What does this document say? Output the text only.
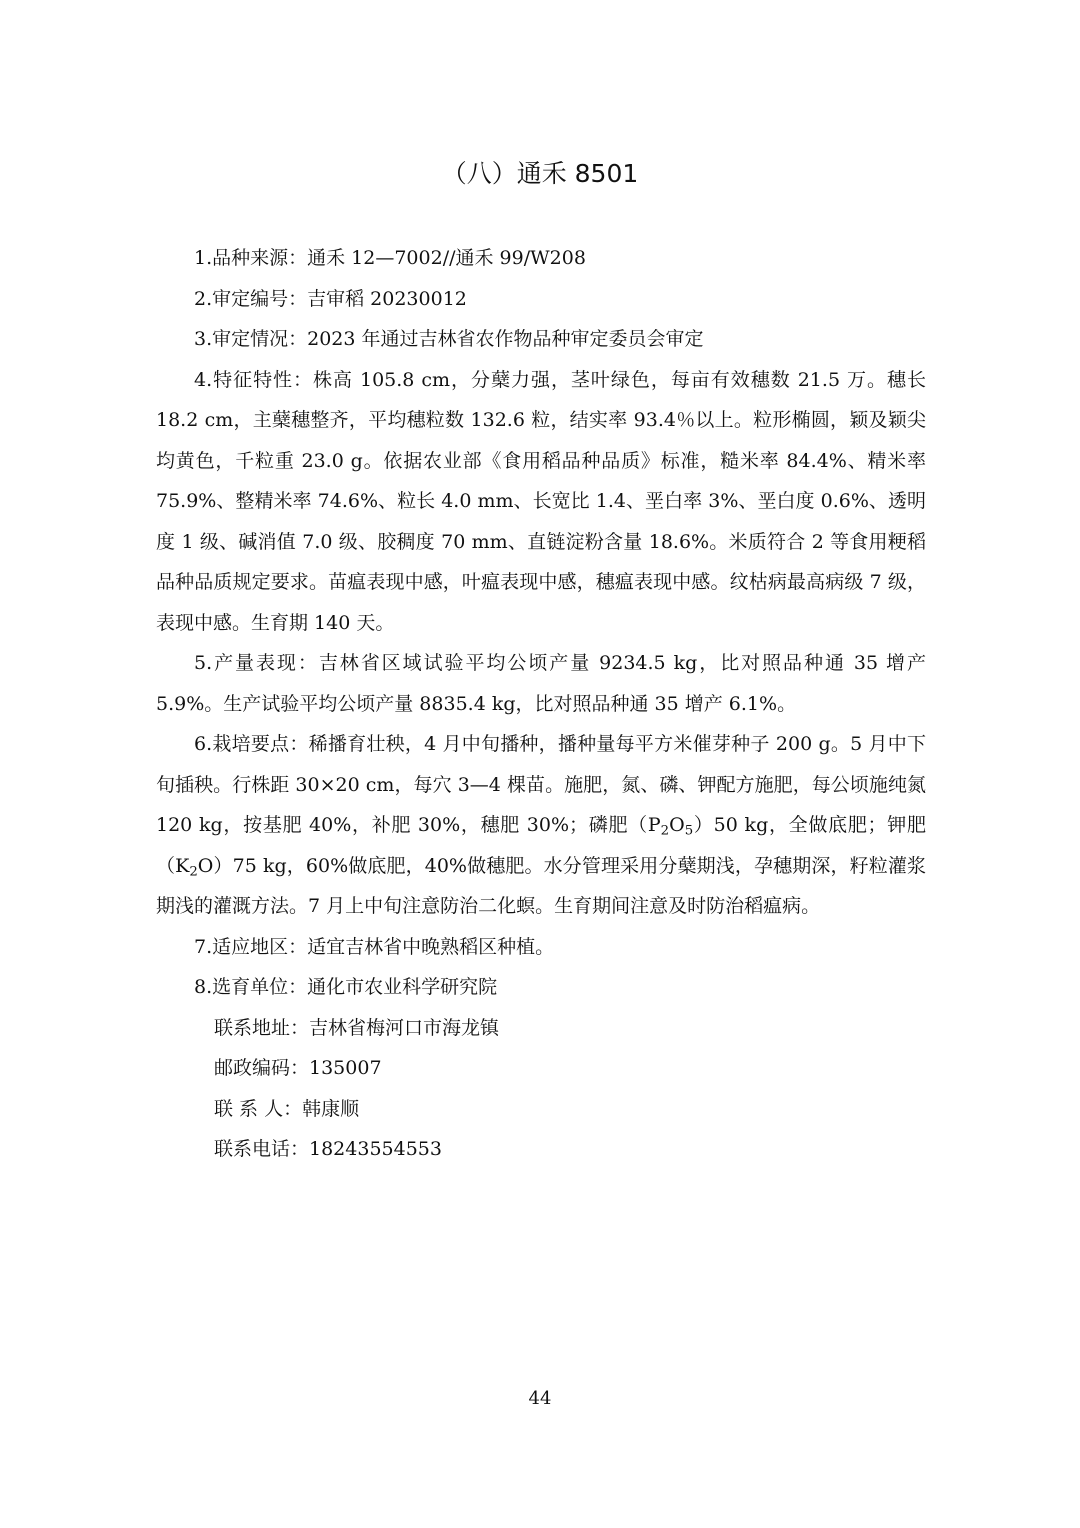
（八）通禾 8501

1.品种来源：通禾 12—7002//通禾 99/W208

2.审定编号：吉审稻 20230012

3.审定情况：2023 年通过吉林省农作物品种审定委员会审定

4.特征特性：株高 105.8 cm，分蘖力强，茎叶绿色，每亩有效穗数 21.5 万。穗长 18.2 cm，主蘖穗整齐，平均穗粒数 132.6 粒，结实率 93.4％以上。粒形椭圆，颖及颖尖均黄色，千粒重 23.0 g。依据农业部《食用稻品种品质》标准，糙米率 84.4%、精米率 75.9%、整精米率 74.6%、粒长 4.0 mm、长宽比 1.4、垩白率 3%、垩白度 0.6%、透明度 1 级、碱消值 7.0 级、胶稠度 70 mm、直链淀粉含量 18.6%。米质符合 2 等食用粳稻品种品质规定要求。苗瘟表现中感，叶瘟表现中感，穗瘟表现中感。纹枯病最高病级 7 级，表现中感。生育期 140 天。

5.产量表现：吉林省区域试验平均公顷产量 9234.5 kg，比对照品种通 35 增产 5.9%。生产试验平均公顷产量 8835.4 kg，比对照品种通 35 增产 6.1%。

6.栽培要点：稀播育壮秧，4 月中旬播种，播种量每平方米催芽种子 200 g。5 月中下旬插秧。行株距 30×20 cm，每穴 3—4 棵苗。施肥，氮、磷、钾配方施肥，每公顷施纯氮 120 kg，按基肥 40%，补肥 30%，穗肥 30%；磷肥$(P_2O_5)50$ kg，全做底肥；钾肥$(K_2O)75$ kg，60%做底肥，40%做穗肥。水分管理采用分蘖期浅，孕穗期深，籽粒灌浆期浅的灌溉方法。7 月上中旬注意防治二化螟。生育期间注意及时防治稻瘟病。

7.适应地区：适宜吉林省中晚熟稻区种植。

8.选育单位：通化市农业科学研究院

联系地址：吉林省梅河口市海龙镇

邮政编码：135007

联 系 人：韩康顺

联系电话：18243554553

44
